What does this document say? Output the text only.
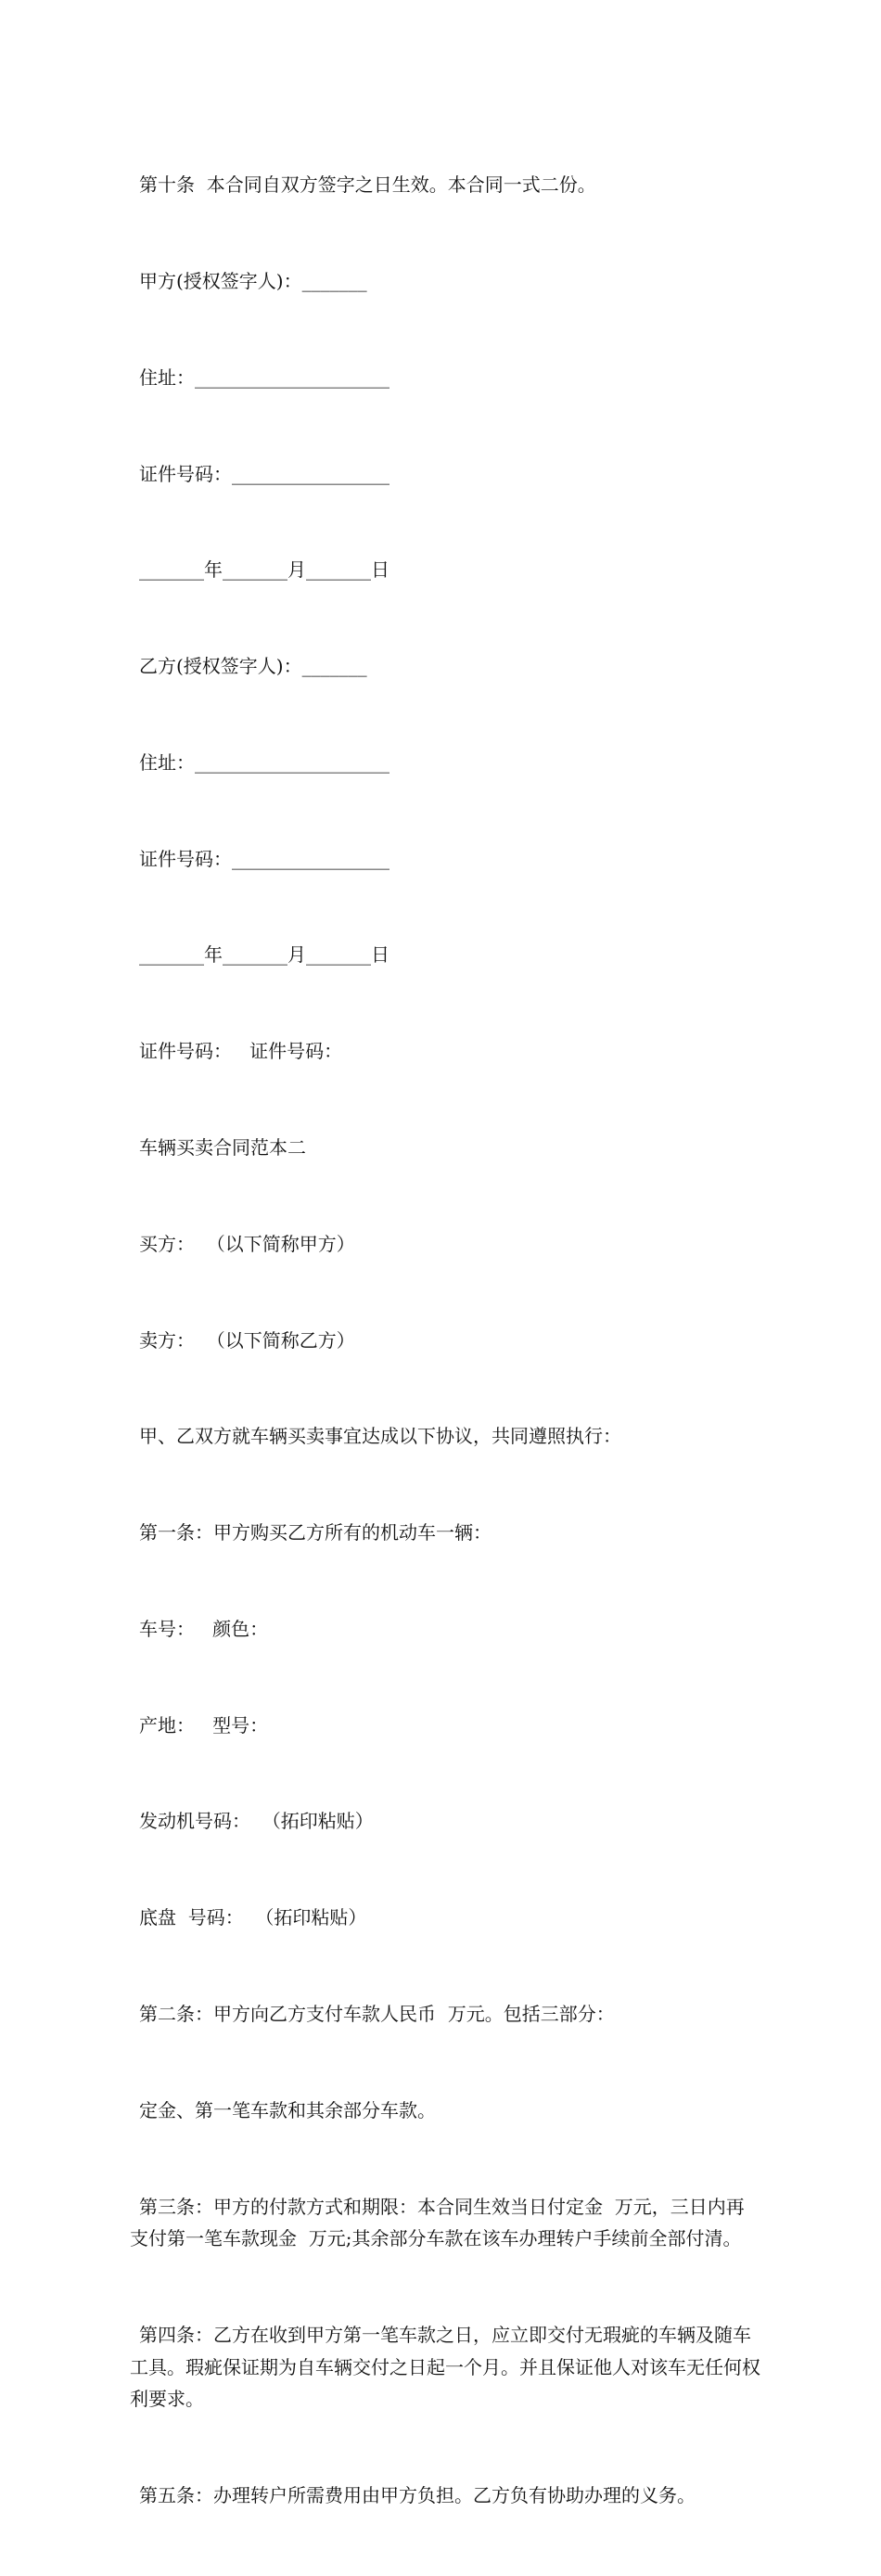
第十条  本合同自双方签字之日生效。本合同一式二份。

甲方(授权签字人)：_______

住址：_____________________

证件号码：_________________

_______年_______月_______日

乙方(授权签字人)：_______

住址：_____________________

证件号码：_________________

_______年_______月_______日

证件号码：   证件号码：

车辆买卖合同范本二

买方：  （以下简称甲方）

卖方：  （以下简称乙方）

甲、乙双方就车辆买卖事宜达成以下协议，共同遵照执行：

第一条：甲方购买乙方所有的机动车一辆：

车号：   颜色：

产地：   型号：

发动机号码：  （拓印粘贴）

底盘  号码：  （拓印粘贴）

第二条：甲方向乙方支付车款人民币  万元。包括三部分：

定金、第一笔车款和其余部分车款。

第三条：甲方的付款方式和期限：本合同生效当日付定金  万元，三日内再支付第一笔车款现金  万元;其余部分车款在该车办理转户手续前全部付清。

第四条：乙方在收到甲方第一笔车款之日，应立即交付无瑕疵的车辆及随车工具。瑕疵保证期为自车辆交付之日起一个月。并且保证他人对该车无任何权利要求。

第五条：办理转户所需费用由甲方负担。乙方负有协助办理的义务。
